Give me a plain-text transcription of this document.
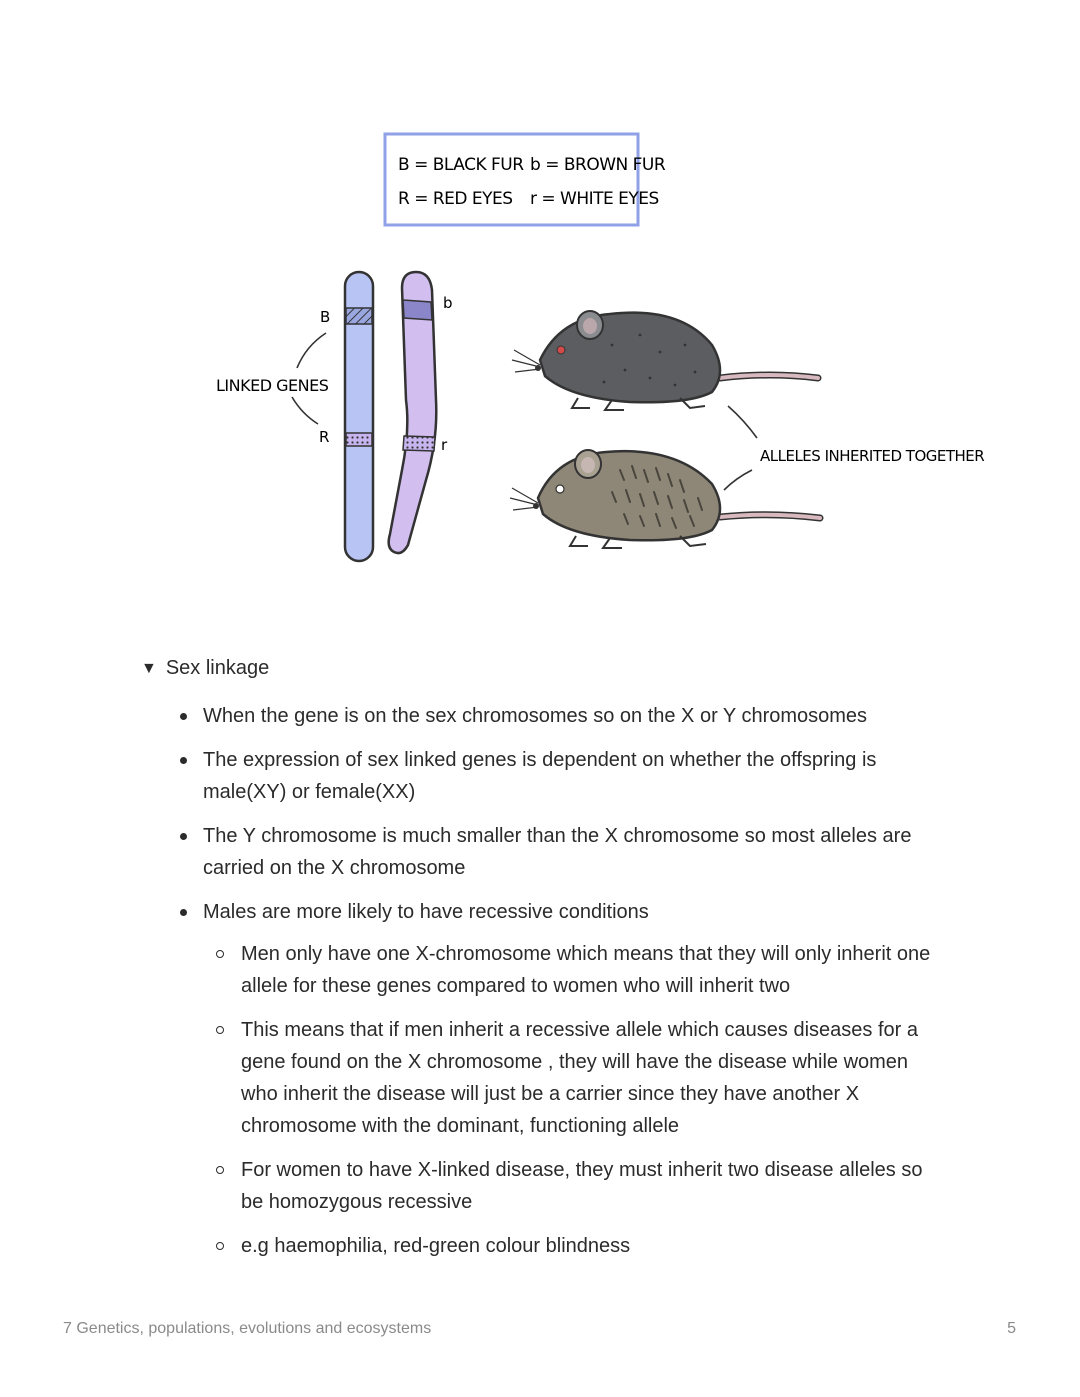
B = BLACK FUR b = BROWN FUR
R = RED EYES r = WHITE EYES
LINKED GENES
B
R
b
r
ALLELES INHERITED TOGETHER
▼ Sex linkage
When the gene is on the sex chromosomes so on the X or Y chromosomes
The expression of sex linked genes is dependent on whether the offspring is male(XY) or female(XX)
The Y chromosome is much smaller than the X chromosome so most alleles are carried on the X chromosome
Males are more likely to have recessive conditions
Men only have one X-chromosome which means that they will only inherit one allele for these genes compared to women who will inherit two
This means that if men inherit a recessive allele which causes diseases for a gene found on the X chromosome , they will have the disease while women who inherit the disease will just be a carrier since they have another X chromosome with the dominant, functioning allele
For women to have X-linked disease, they must inherit two disease alleles so be homozygous recessive
e.g haemophilia, red-green colour blindness
7 Genetics, populations, evolutions and ecosystems	5
